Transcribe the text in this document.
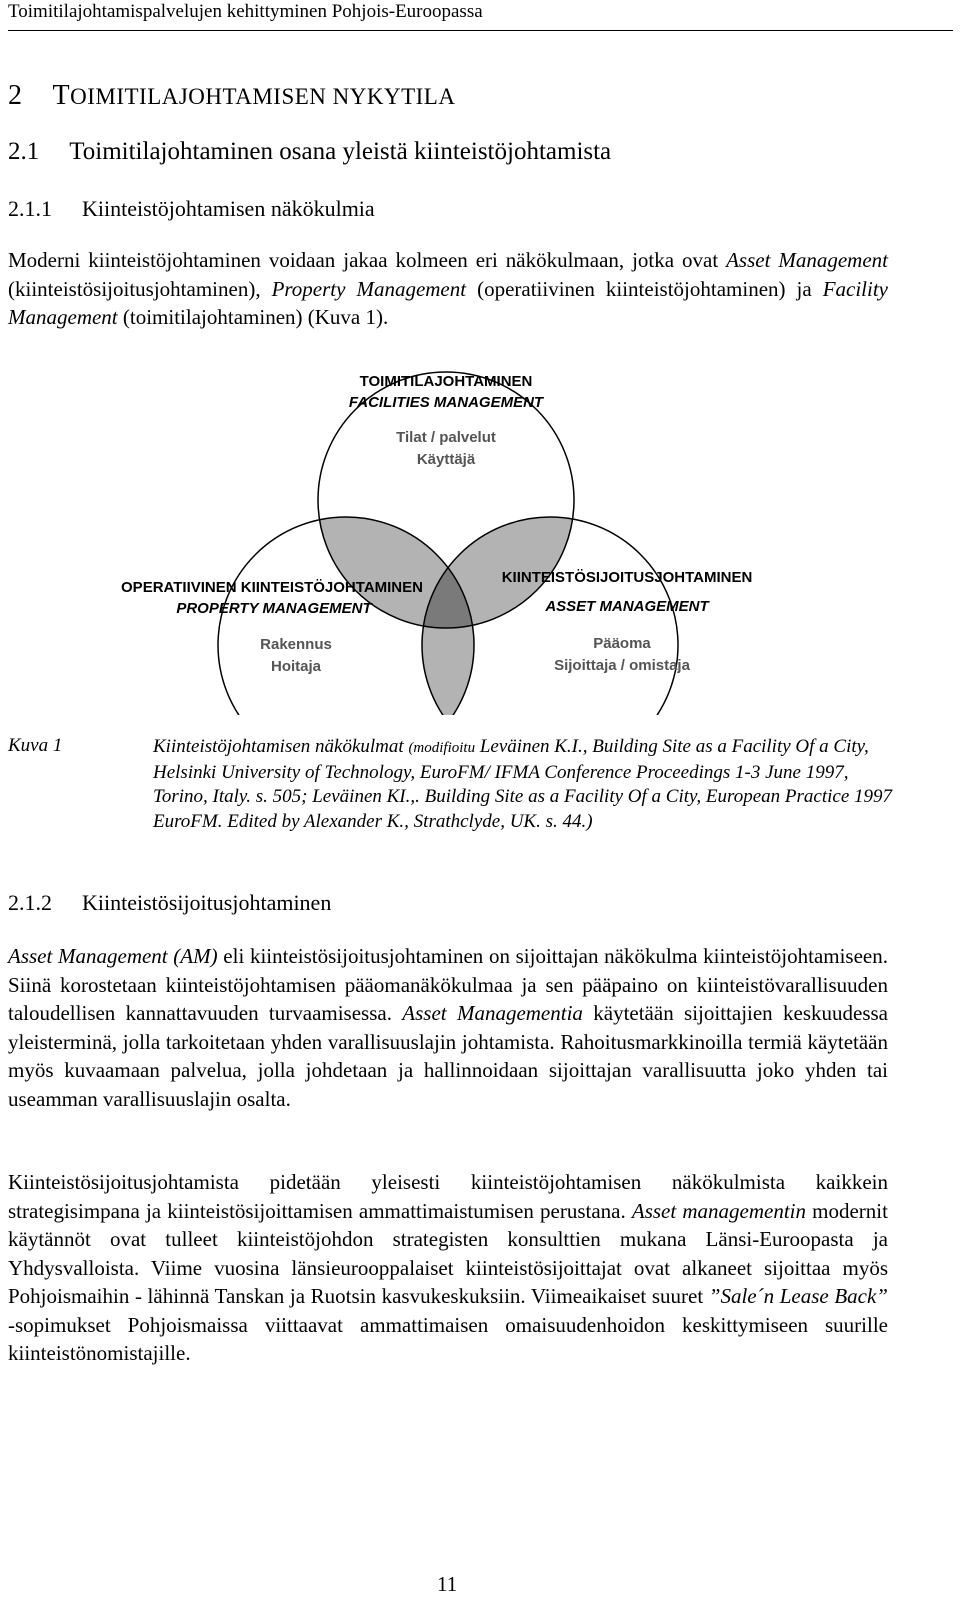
Toimitilajohtamispalvelujen kehittyminen Pohjois-Euroopassa
2 TOIMITILAJOHTAMISEN NYKYTILA
2.1 Toimitilajohtaminen osana yleistä kiinteistöjohtamista
2.1.1 Kiinteistöjohtamisen näkökulmia

Moderni kiinteistöjohtaminen voidaan jakaa kolmeen eri näkökulmaan, jotka ovat Asset Management (kiinteistösijoitusjohtaminen), Property Management (operatiivinen kiinteistöjohtaminen) ja Facility Management (toimitilajohtaminen) (Kuva 1).

TOIMITILAJOHTAMINEN
FACILITIES MANAGEMENT
Tilat / palvelut
Käyttäjä
OPERATIIVINEN KIINTEISTÖJOHTAMINEN
PROPERTY MANAGEMENT
Rakennus
Hoitaja
KIINTEISTÖSIJOITUSJOHTAMINEN
ASSET MANAGEMENT
Pääoma
Sijoittaja / omistaja
Kuva 1	Kiinteistöjohtamisen näkökulmat (modifioitu Leväinen K.I., Building Site as a Facility Of a City, Helsinki University of Technology, EuroFM/ IFMA Conference Proceedings 1-3 June 1997, Torino, Italy. s. 505; Leväinen KI.,. Building Site as a Facility Of a City, European Practice 1997 EuroFM. Edited by Alexander K., Strathclyde, UK. s. 44.)

2.1.2 Kiinteistösijoitusjohtaminen

Asset Management (AM) eli kiinteistösijoitusjohtaminen on sijoittajan näkökulma kiinteistöjohtamiseen. Siinä korostetaan kiinteistöjohtamisen pääomanäkökulmaa ja sen pääpaino on kiinteistövarallisuuden taloudellisen kannattavuuden turvaamisessa. Asset Managementia käytetään sijoittajien keskuudessa yleisterminä, jolla tarkoitetaan yhden varallisuuslajin johtamista. Rahoitusmarkkinoilla termiä käytetään myös kuvaamaan palvelua, jolla johdetaan ja hallinnoidaan sijoittajan varallisuutta joko yhden tai useamman varallisuuslajin osalta.

Kiinteistösijoitusjohtamista pidetään yleisesti kiinteistöjohtamisen näkökulmista kaikkein strategisimpana ja kiinteistösijoittamisen ammattimaistumisen perustana. Asset managementin modernit käytännöt ovat tulleet kiinteistöjohdon strategisten konsulttien mukana Länsi-Euroopasta ja Yhdysvalloista. Viime vuosina länsieurooppalaiset kiinteistösijoittajat ovat alkaneet sijoittaa myös Pohjoismaihin - lähinnä Tanskan ja Ruotsin kasvukeskuksiin. Viimeaikaiset suuret ”Sale´n Lease Back” -sopimukset Pohjoismaissa viittaavat ammattimaisen omaisuudenhoidon keskittymiseen suurille kiinteistönomistajille.

11
